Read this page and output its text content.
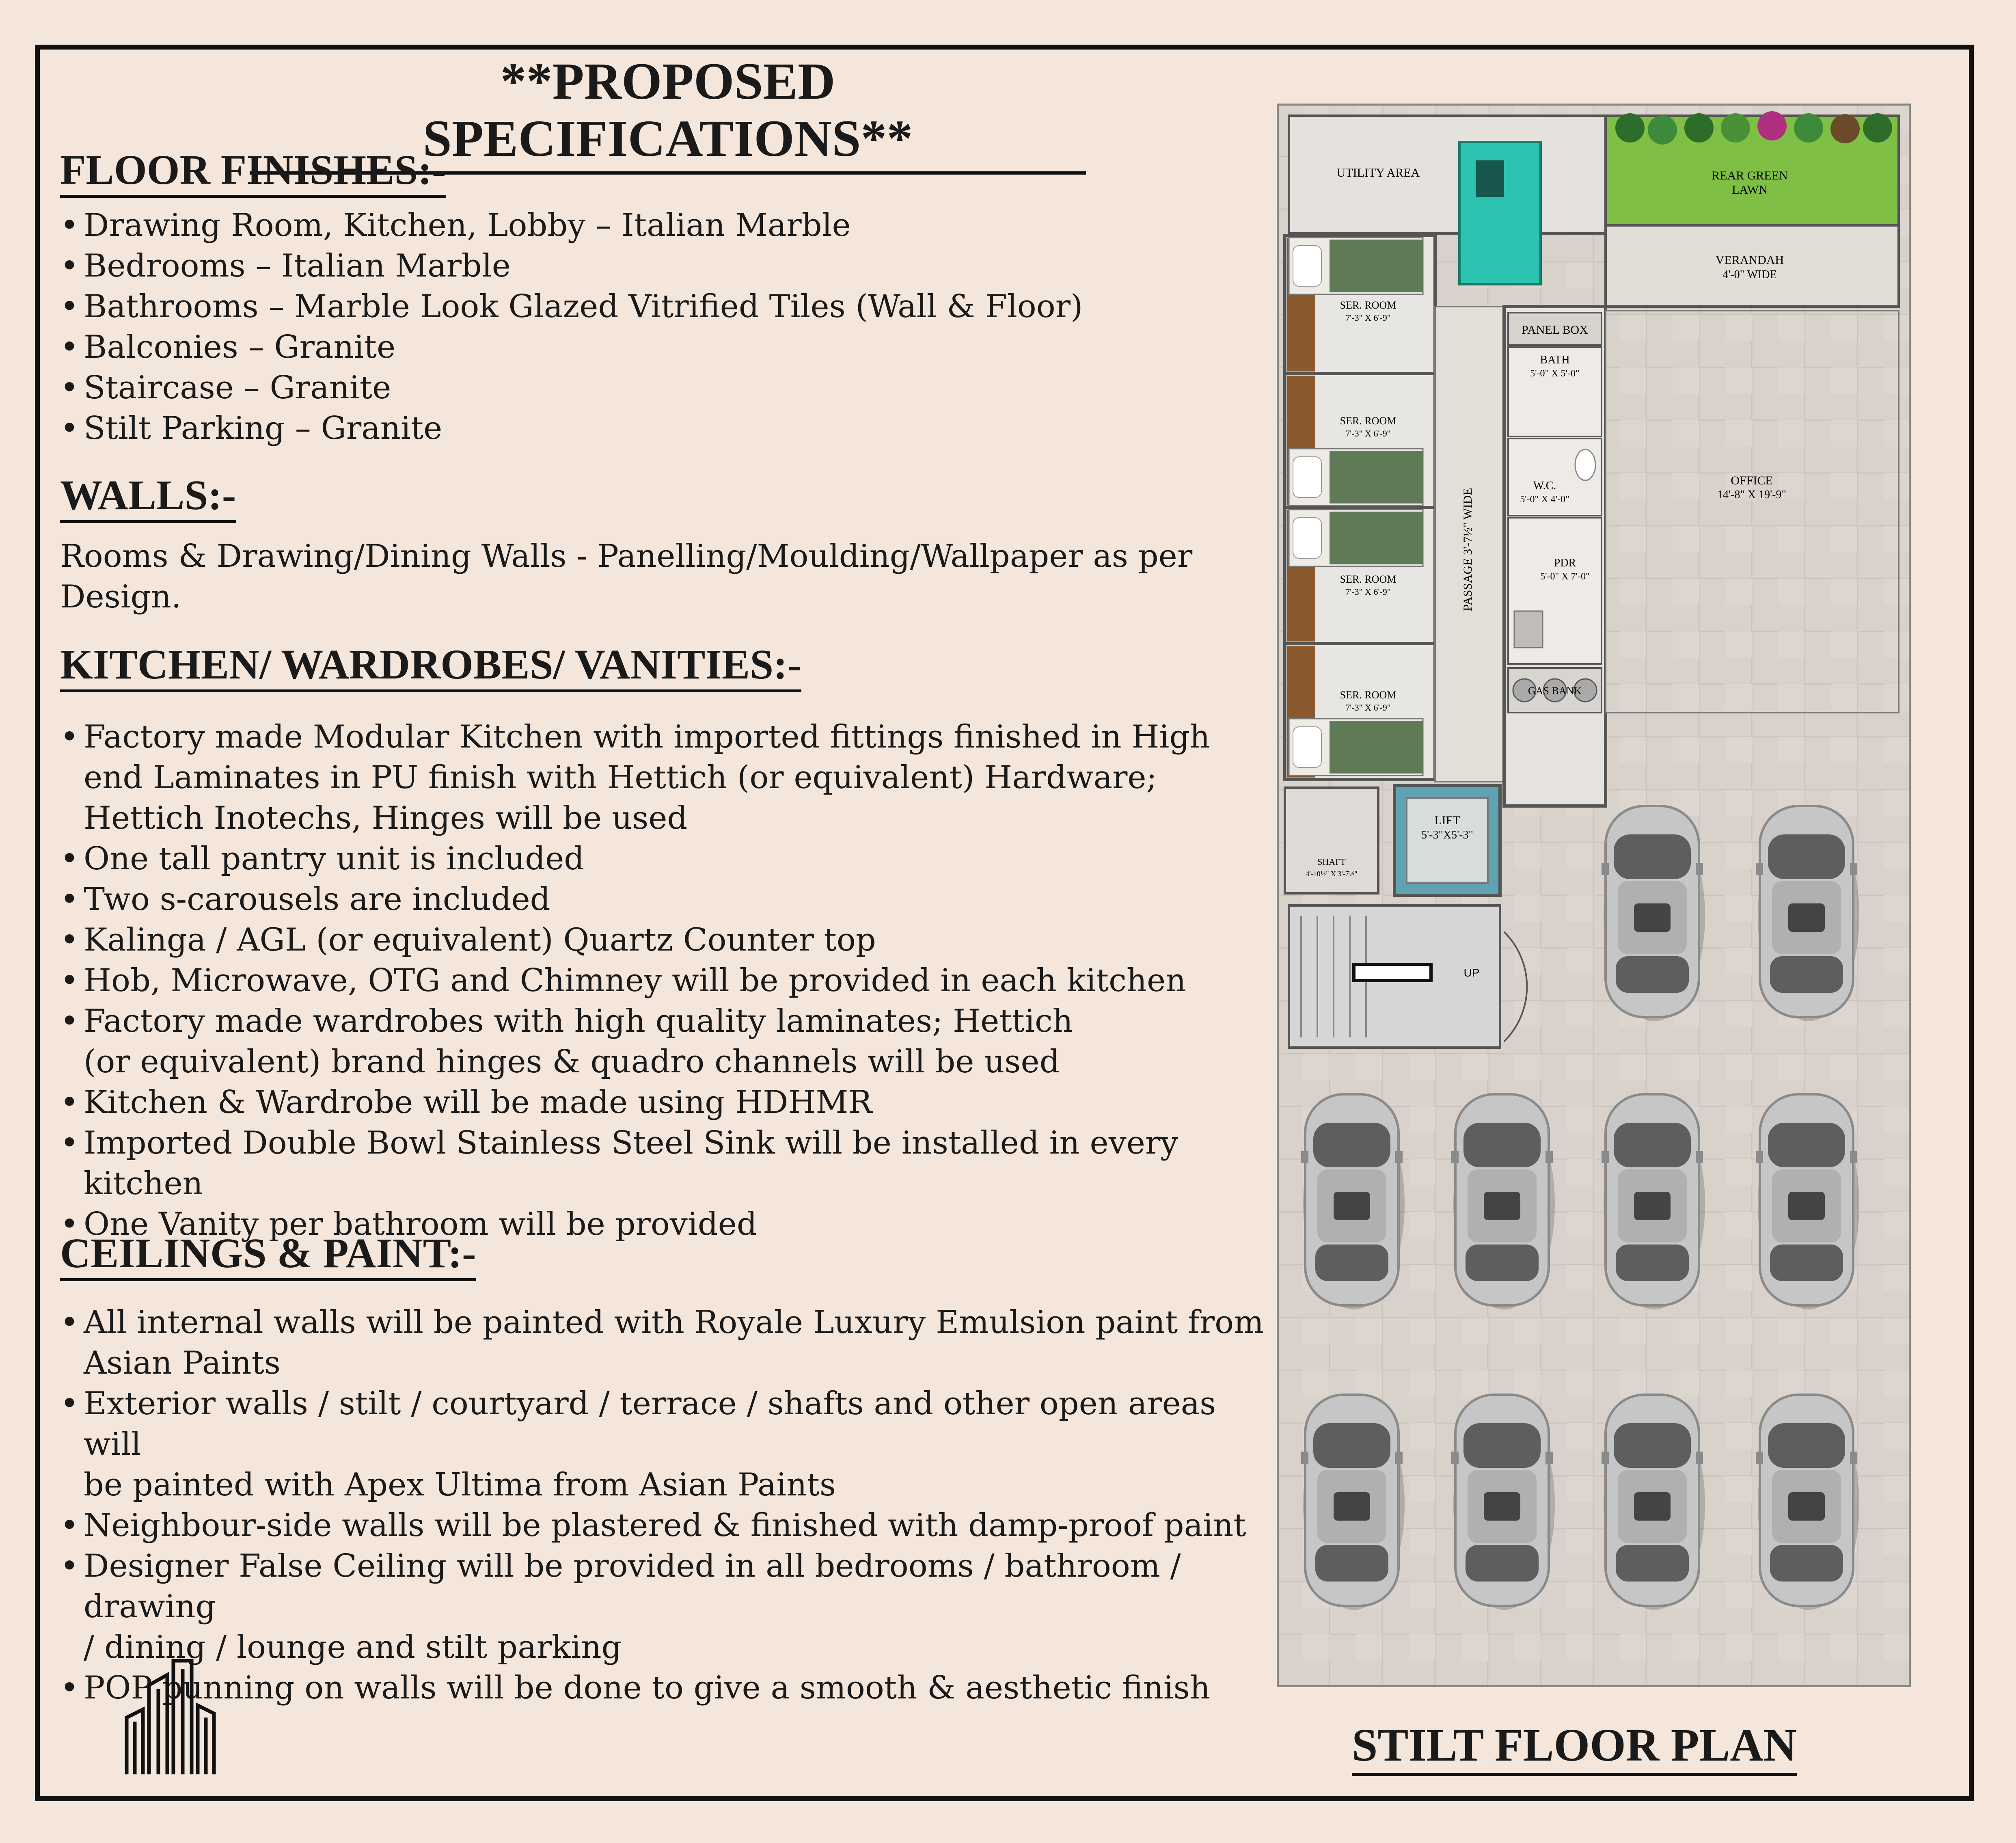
**PROPOSED SPECIFICATIONS**
FLOOR FINISHES:-
• Drawing Room, Kitchen, Lobby – Italian Marble
• Bedrooms – Italian Marble
• Bathrooms – Marble Look Glazed Vitrified Tiles (Wall & Floor)
• Balconies – Granite
• Staircase – Granite
• Stilt Parking – Granite
WALLS:-

Rooms & Drawing/Dining Walls - Panelling/Moulding/Wallpaper as per
Design.

KITCHEN/ WARDROBES/ VANITIES:-
• Factory made Modular Kitchen with imported fittings finished in High
end Laminates in PU finish with Hettich (or equivalent) Hardware;
Hettich Inotechs, Hinges will be used
• One tall pantry unit is included
• Two s-carousels are included
• Kalinga / AGL (or equivalent) Quartz Counter top
• Hob, Microwave, OTG and Chimney will be provided in each kitchen
• Factory made wardrobes with high quality laminates; Hettich
(or equivalent) brand hinges & quadro channels will be used
• Kitchen & Wardrobe will be made using HDHMR
• Imported Double Bowl Stainless Steel Sink will be installed in every kitchen
• One Vanity per bathroom will be provided
CEILINGS & PAINT:-
• All internal walls will be painted with Royale Luxury Emulsion paint from
Asian Paints
• Exterior walls / stilt / courtyard / terrace / shafts and other open areas will
be painted with Apex Ultima from Asian Paints
• Neighbour-side walls will be plastered & finished with damp-proof paint
• Designer False Ceiling will be provided in all bedrooms / bathroom / drawing
/ dining / lounge and stilt parking
• POP punning on walls will be done to give a smooth & aesthetic finish
UTILITY AREA	REAR GREEN
LAWN
VERANDAH
4'-0" WIDE
SER. ROOM
7'-3" X 6'-9"
SER. ROOM
7'-3" X 6'-9"
SER. ROOM
7'-3" X 6'-9"
SER. ROOM
7'-3" X 6'-9"
PASSAGE 3'-7½" WIDE
PANEL BOX
BATH
5'-0" X 5'-0"
W.C.
5'-0" X 4'-0"
PDR
5'-0" X 7'-0"
GAS BANK
OFFICE
14'-8" X 19'-9"
SHAFT
4'-10½" X 3'-7½"
LIFT
5'-3"X5'-3"
UP
STILT FLOOR PLAN
